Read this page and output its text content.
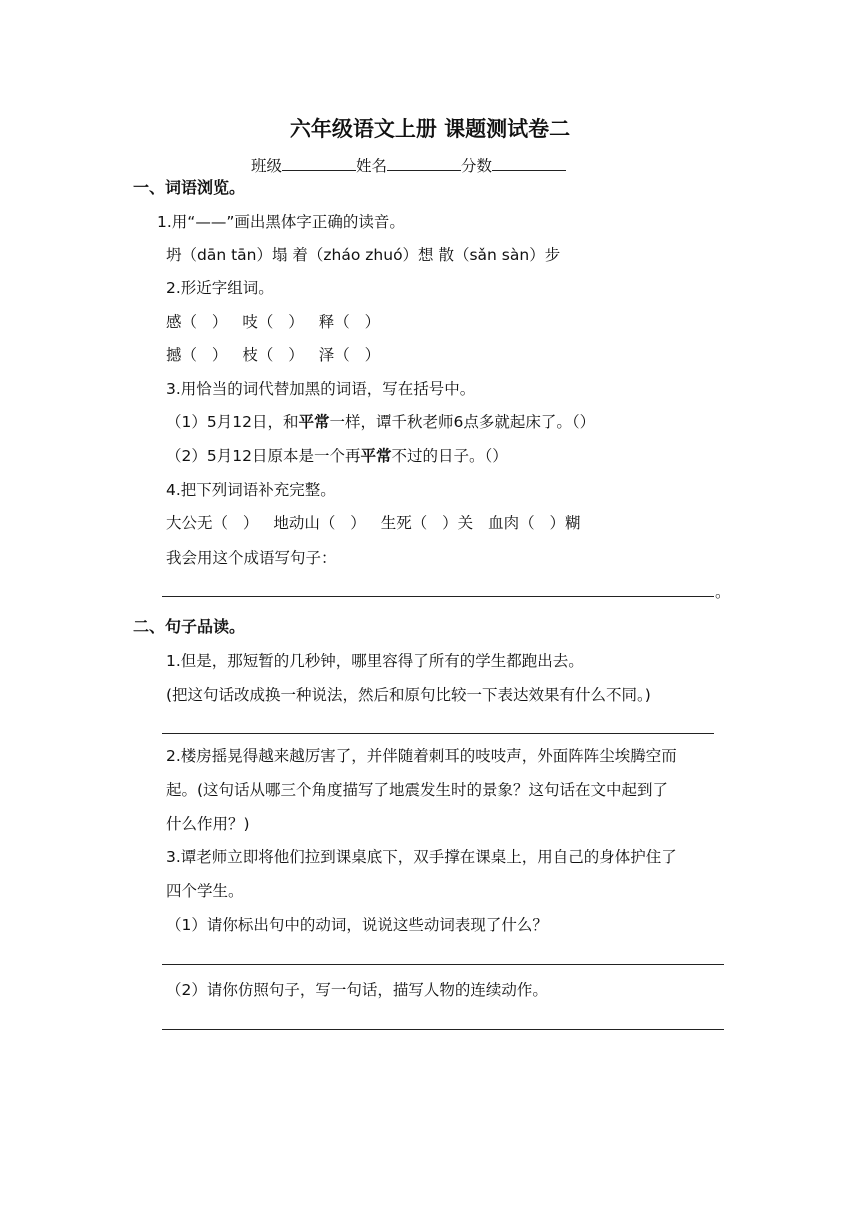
六年级语文上册 课题测试卷二
班级	姓名	分数
一、词语浏览。
1.用“——”画出黑体字正确的读音。
坍（dān tān）塌 着（zháo zhuó）想 散（sǎn sàn）步
2.形近字组词。
感（ ） 吱（ ） 释（ ）
撼（ ） 枝（ ） 泽（ ）
3.用恰当的词代替加黑的词语，写在括号中。
（1）5月12日，和平常一样，谭千秋老师6点多就起床了。（）
（2）5月12日原本是一个再平常不过的日子。（）
4.把下列词语补充完整。
大公无（ ） 地动山（ ） 生死（ ）关 血肉（ ）糊
我会用这个成语写句子：
。
二、句子品读。
1.但是，那短暂的几秒钟，哪里容得了所有的学生都跑出去。
(把这句话改成换一种说法，然后和原句比较一下表达效果有什么不同。)
2.楼房摇晃得越来越厉害了，并伴随着刺耳的吱吱声，外面阵阵尘埃腾空而
起。(这句话从哪三个角度描写了地震发生时的景象？这句话在文中起到了
什么作用？)
3.谭老师立即将他们拉到课桌底下，双手撑在课桌上，用自己的身体护住了
四个学生。
（1）请你标出句中的动词，说说这些动词表现了什么？
（2）请你仿照句子，写一句话，描写人物的连续动作。
